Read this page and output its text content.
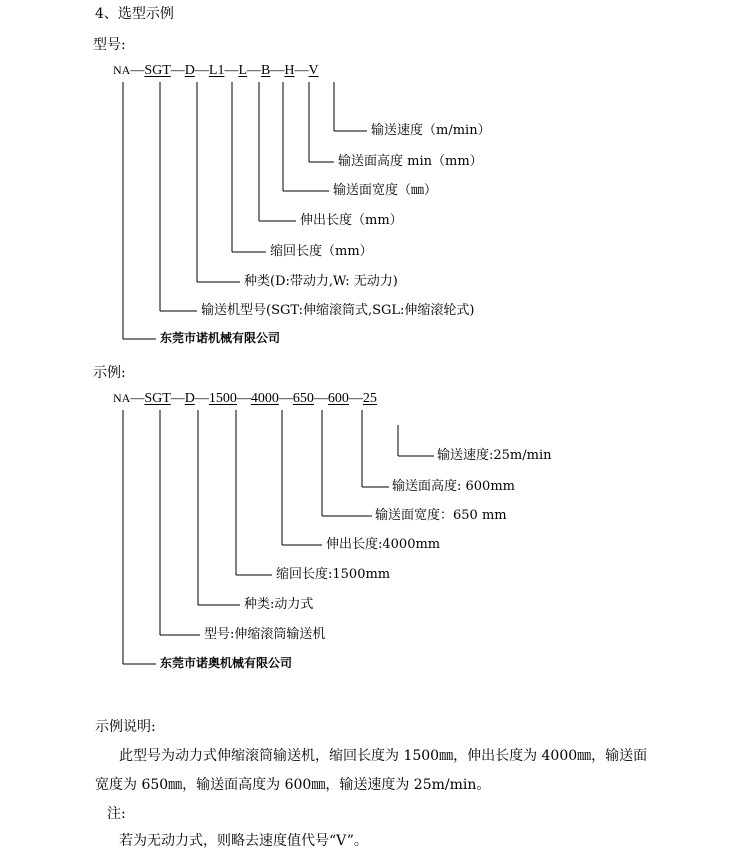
4、选型示例
型号:
NA—SGT—D—L1—L—B—H—V
输送速度（m/min）
输送面高度 min（mm）
输送面宽度（㎜）
伸出长度（mm）
缩回长度（mm）
种类(D:带动力,W: 无动力)
输送机型号(SGT:伸缩滚筒式,SGL:伸缩滚轮式)
东莞市诺机械有限公司
示例:
NA—SGT—D—1500—4000—650—600—25
输送速度:25m/min
输送面高度: 600mm
输送面宽度：650 mm
伸出长度:4000mm
缩回长度:1500mm
种类:动力式
型号:伸缩滚筒输送机
东莞市诺奥机械有限公司
示例说明:
此型号为动力式伸缩滚筒输送机，缩回长度为 1500㎜，伸出长度为 4000㎜，输送面
宽度为 650㎜，输送面高度为 600㎜，输送速度为 25m/min。
注:
若为无动力式，则略去速度值代号“V”。
